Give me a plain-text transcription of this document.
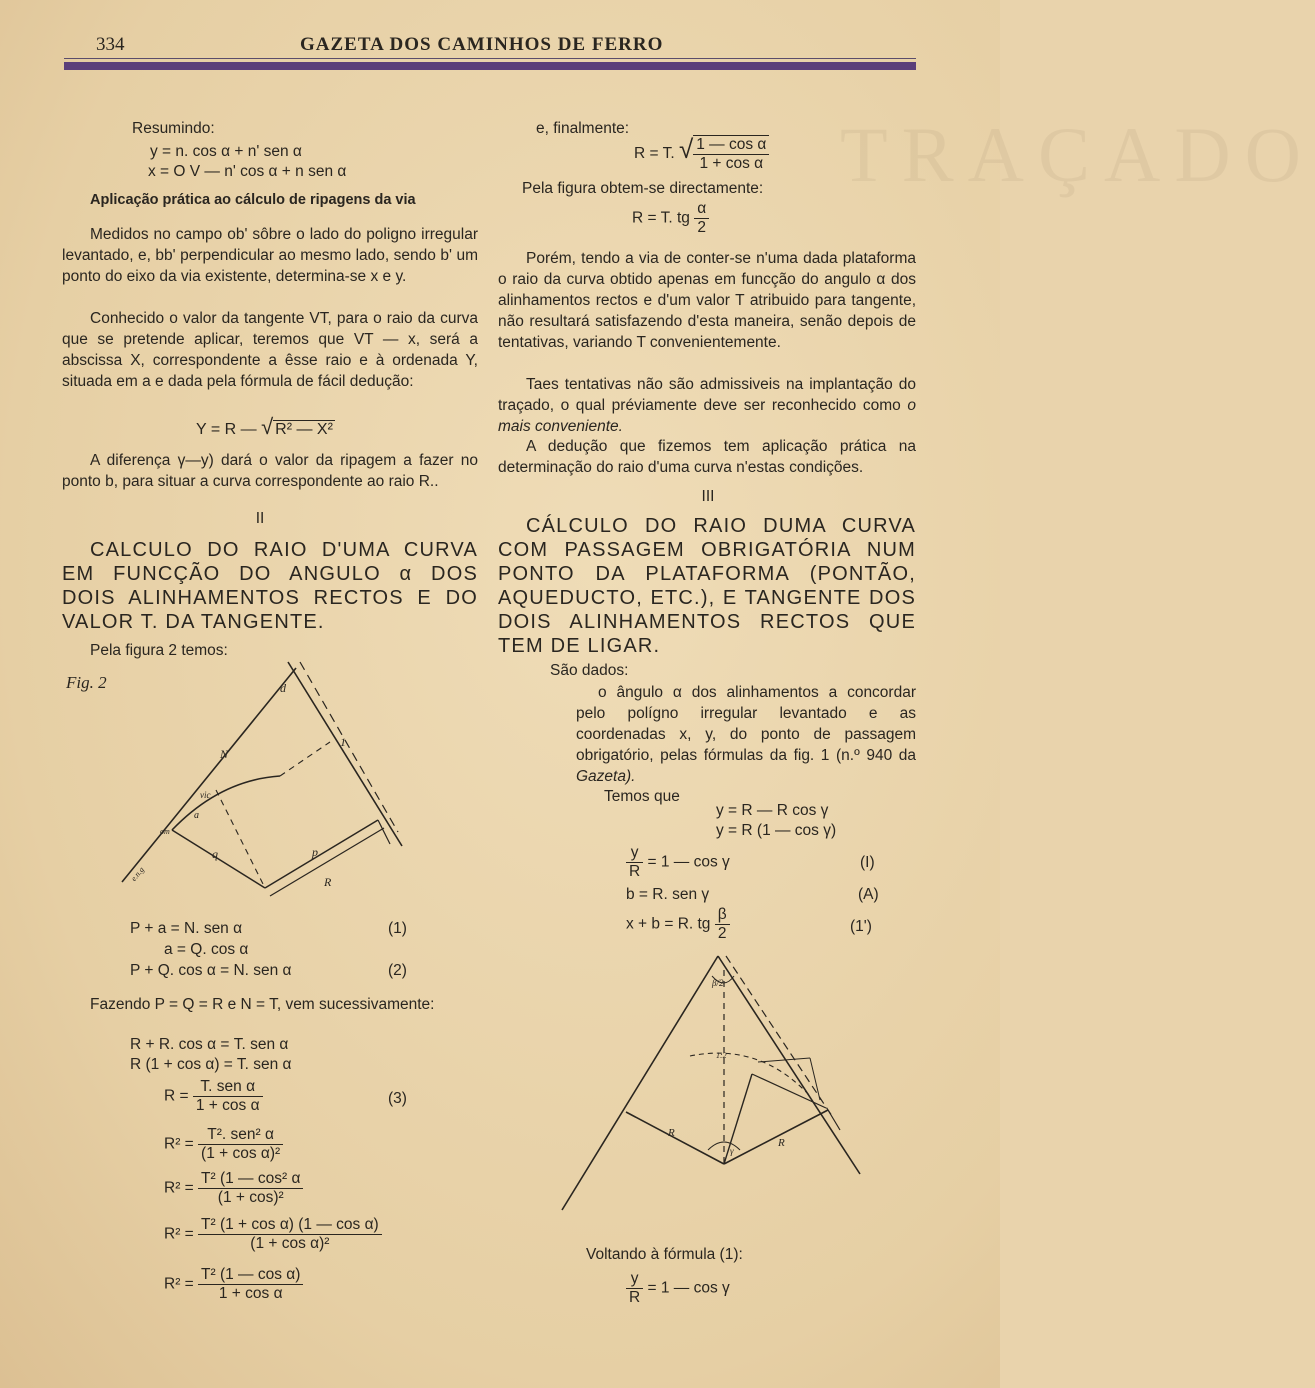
TRAÇADO
334	GAZETA DOS CAMINHOS DE FERRO
Resumindo:
y = n. cos α + n' sen α
x = O V — n' cos α + n sen α
Aplicação prática ao cálculo de ripagens da via

Medidos no campo ob' sôbre o lado do poligno irregular levantado, e, bb' perpendicular ao mesmo lado, sendo b' um ponto do eixo da via existente, determina-se x e y.

Conhecido o valor da tangente VT, para o raio da curva que se pretende aplicar, teremos que VT — x, será a abscissa X, correspondente a êsse raio e à ordenada Y, situada em a e dada pela fórmula de fácil dedução:

Y = R — √ R² — X²

A diferença γ—y) dará o valor da ripagem a fazer no ponto b, para situar a curva correspondente ao raio R..

II

CALCULO DO RAIO D'UMA CURVA EM FUNCÇÃO DO ANGULO α DOS DOIS ALINHAMENTOS RECTOS E DO VALOR T. DA TANGENTE.

Pela figura 2 temos:
Fig. 2	d
N
vic
a
q	p
R
1
om
e.n.g
P + a = N. sen α
a = Q. cos α
P + Q. cos α = N. sen α
(1)
(2)

Fazendo P = Q = R e N = T, vem sucessivamente:

R + R. cos α = T. sen α
R (1 + cos α) = T. sen α
$R = \frac{\text{T. sen α}}{\text{1 + cos α}}$	(3)
$R^2 = \frac{\text{T². sen² α}}{\text{(1 + cos α)²}}$
$R^2 = \frac{\text{T² (1 — cos² α}}{\text{(1 + cos)²}}$
$R^2 = \frac{\text{T² (1 + cos α) (1 — cos α)}}{\text{(1 + cos α)²}}$
$R^2 = \frac{\text{T² (1 — cos α)}}{\text{1 + cos α}}$
e, finalmente:
R = T. √ $\frac{\text{1 — cos α}}{\text{1 + cos α}}$
Pela figura obtem-se directamente:
R = T. tg $\frac{\alpha}{2}$

Porém, tendo a via de conter-se n'uma dada plataforma o raio da curva obtido apenas em funcção do angulo α dos alinhamentos rectos e d'um valor T atribuido para tangente, não resultará satisfazendo d'esta maneira, senão depois de tentativas, variando T convenientemente.

Taes tentativas não são admissiveis na implantação do traçado, o qual préviamente deve ser reconhecido como o mais conveniente.

A dedução que fizemos tem aplicação prática na determinação do raio d'uma curva n'estas condições.

III

CÁLCULO DO RAIO DUMA CURVA COM PASSAGEM OBRIGATÓRIA NUM PONTO DA PLATAFORMA (PONTÃO, AQUEDUCTO, ETC.), E TANGENTE DOS DOIS ALINHAMENTOS RECTOS QUE TEM DE LIGAR.

São dados:

o ângulo α dos alinhamentos a concordar pelo polígno irregular levantado e as coordenadas x, y, do ponto de passagem obrigatório, pelas fórmulas da fig. 1 (n.º 940 da Gazeta).

Temos que
y = R — R cos γ
y = R (1 — cos γ)
$\frac{y}{R} = 1$ — cos γ	(I)
b = R. sen γ	(A)
x + b = R. tg $\frac{\beta}{2}$	(1')
β/2
R
R
γ
1:2
Voltando à fórmula (1):
$\frac{y}{R} = 1$ — cos γ
